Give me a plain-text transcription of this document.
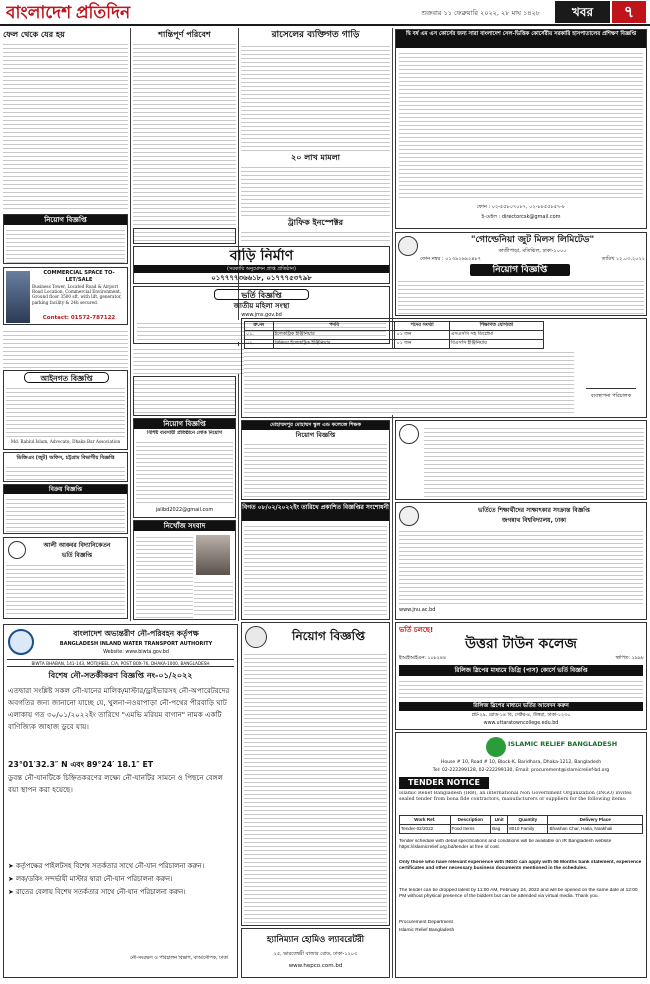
বাংলাদেশ প্রতিদিন	শুক্রবার ১১ ফেব্রুয়ারি ২০২২, ২৮ মাঘ ১৪২৮	খবর	৭
ফেল থেকে যের হয়
নিয়োগ বিজ্ঞপ্তি
COMMERCIAL SPACE TO-LET/SALE
Business Tower, Located Road & Airport Road Location, Commercial Environment, Ground floor 3500 sft. with lift, generator, parking facility & 24h secured.
Contact: 01572-787122
আইনগত বিজ্ঞপ্তি
Md. Rabiul Islam, Advocate, Dhaka Bar Association
ডিজিএম (জুট) অফিস, চট্টগ্রাম বিভাগীয় বিজ্ঞপ্তি
বিক্রয় বিজ্ঞপ্তি
আলী আকবর বিদ্যানিকেতন
ভর্তি বিজ্ঞপ্তি
শান্তিপূর্ণ পরিবেশ
বাড়ি নির্মাণ
(সরকারি অনুমোদন প্রাপ্ত প্রতিষ্ঠান)
০১৭৭৭৭৩৬৬১৮, ০১৭৭৭৫৩৭৯৮
ভর্তি বিজ্ঞপ্তি
জাতীয় মহিলা সংস্থা
www.jms.gov.bd
নিয়োগ বিজ্ঞপ্তি
বিশিষ্ট ব্যবসায়ী প্রতিষ্ঠানে লোক নিয়োগ
jalibd2022@gmail.com
নিখোঁজ সংবাদ
রাসেলের ব্যক্তিগত গাড়ি
২০ লাখ মামলা
ট্রাফিক ইনস্পেক্টর
"গোল্ডেনিয়া জুট মিলস লিমিটেড"
কাজীপাড়া, মতিঝিল, ঢাকা-১০০০
ফোন নম্বর : ০১৩৯২৬৯২৪৮৭	তারিখ ১২.০৩.২০২২
নিয়োগ বিজ্ঞপ্তি
ক্র.নং	পদবি	পদের সংখ্যা	শিক্ষাগত যোগ্যতা
০১.	ইলেকট্রিক ইঞ্জিনিয়ার	০১ জন	এসএসসি সহ ডিপ্লোমা
০২.	সিনিয়র ইলেকট্রিক ইঞ্জিনিয়ার	০১ জন	বিএসসি ইঞ্জিনিয়ার
ব্যবস্থাপনা পরিচালক
মোহাম্মদপুর মোহাম্মদ স্কুল এন্ড কলেজে শিক্ষক
নিয়োগ বিজ্ঞপ্তি
বিগত ০৮/০২/২০২২ইং তারিখে প্রকাশিত বিজ্ঞপ্তির সংশোধনী
নিয়োগ বিজ্ঞপ্তি
হ্যানিম্যান হোমিও ল্যাবরেটরী
২৫, ভারতেশ্বরী বাজার রোড, ঢাকা-১২০৩
www.hepco.com.bd
দ্বি বর্ষ এম এস কোর্সের জন্য সারা বাংলাদেশ সেল-ভিত্তিক কোর্সেরীয় সরকারি হাসপাতালের প্রশিক্ষণ বিজ্ঞপ্তি
ফোন : ০২-৫৫৮০৭০৮৭, ০২-৮৮৫৫৮৫৭-৮
ই-মেইল : directorcsk@gmail.com
ভর্তিতে শিক্ষার্থীদের সাক্ষাৎকার সংক্রান্ত বিজ্ঞপ্তি
জগন্নাথ বিশ্ববিদ্যালয়, ঢাকা
www.jnu.ac.bd
ভর্তি চলছে!
উত্তরা টাউন কলেজ
ইআইআইএন: ১০৮২৪৪	স্থাপিত: ১৯৯৮
রিলিজ স্লিপের মাধ্যমে ডিগ্রি (পাস) কোর্সে ভর্তি বিজ্ঞপ্তি
রিলিজ স্লিপের মাধ্যমে ভর্তির আবেদন করুন
প্লট-২৯, রোড-১৪ বি, সেক্টর-৪, উত্তরা, ঢাকা-১২৩০
www.uttaratowncollege.edu.bd
ISLAMIC RELIEF BANGLADESH
House # 10, Road # 10, Block-K, Baridhara, Dhaka-1212, Bangladesh
Tel: 02-222299128, 02-222299130, Email: procurement@islamicrelief-bd.org
TENDER NOTICE
Islamic Relief Bangladesh (IRB), an international Non Government Organization (INGO) invites sealed tender from bona fide contractors, manufacturers or suppliers for the following items:
Work Ref.	Description	Unit	Quantity	Delivery Place
Tender-02/2022	Food Items	Bag	8010 Family	Bhashan Char, Hatia, Noakhali
Tender schedule with detail specifications and conditions will be available on IR Bangladesh website https://islamicrelief.org.bd/tender at free of cost.
Only those who have relevant experience with INGO can apply with 06 Months bank statement, experience certificates and other necessary business documents mentioned in the schedules.
The tender can be dropped latest by 11:00 AM, February 24, 2022 and will be opened on the same date at 12:00 PM without physical presence of the bidders but can be attended via virtual media. Thank you.
Procurement Department
Islamic Relief Bangladesh
বাংলাদেশ অভ্যন্তরীণ নৌ-পরিবহন কর্তৃপক্ষ
BANGLADESH INLAND WATER TRANSPORT AUTHORITY
Website: www.biwta.gov.bd
BIWTA BHABAN, 141-143, MOTIJHEEL C/A, POST BOX-76, DHAKA-1000, BANGLADESH
বিশেষ নৌ-সতর্কীকরণ বিজ্ঞপ্তি নং-০১/২০২২
এতদ্বারা সংশ্লিষ্ট সকল নৌ-যানের মালিক/মাস্টার/ড্রাইভারসহ নৌ-অপারেটরদের অবগতির জন্য জানানো যাচ্ছে যে, খুলনা-নওয়াপাড়া নৌ-পথের পীরবাড়ি ঘাট এলাকায় গত ৩০/০১/২০২২ইং তারিখে "এমভি মরিয়ম বাগান" নামক একটি বাণিজ্যিক জাহাজ ডুবে যায়।
23°01′32.3″ N এবং 89°24′ 18.1″ ET
ডুবন্ত নৌ-যানটিকে চিহ্নিতকরণের লক্ষ্যে নৌ-যানটির সামনে ও পিছনে বেঙ্গল বয়া স্থাপন করা হয়েছে।
➤ কর্তৃপক্ষের পাইলটসহ বিশেষ সতর্কতার সাথে নৌ-যান পরিচালনা করুন।
➤ লক/ডকিং সন্দর্ভাযী মাস্টার দ্বারা নৌ-যান পরিচালনা করুন।
➤ রাতের বেলায় বিশেষ সতর্কতার সাথে নৌ-যান পরিচালনা করুন।
নৌ-সংরক্ষণ ও পরিচালন বিভাগ, বাআনৌপক, ঢাকা
